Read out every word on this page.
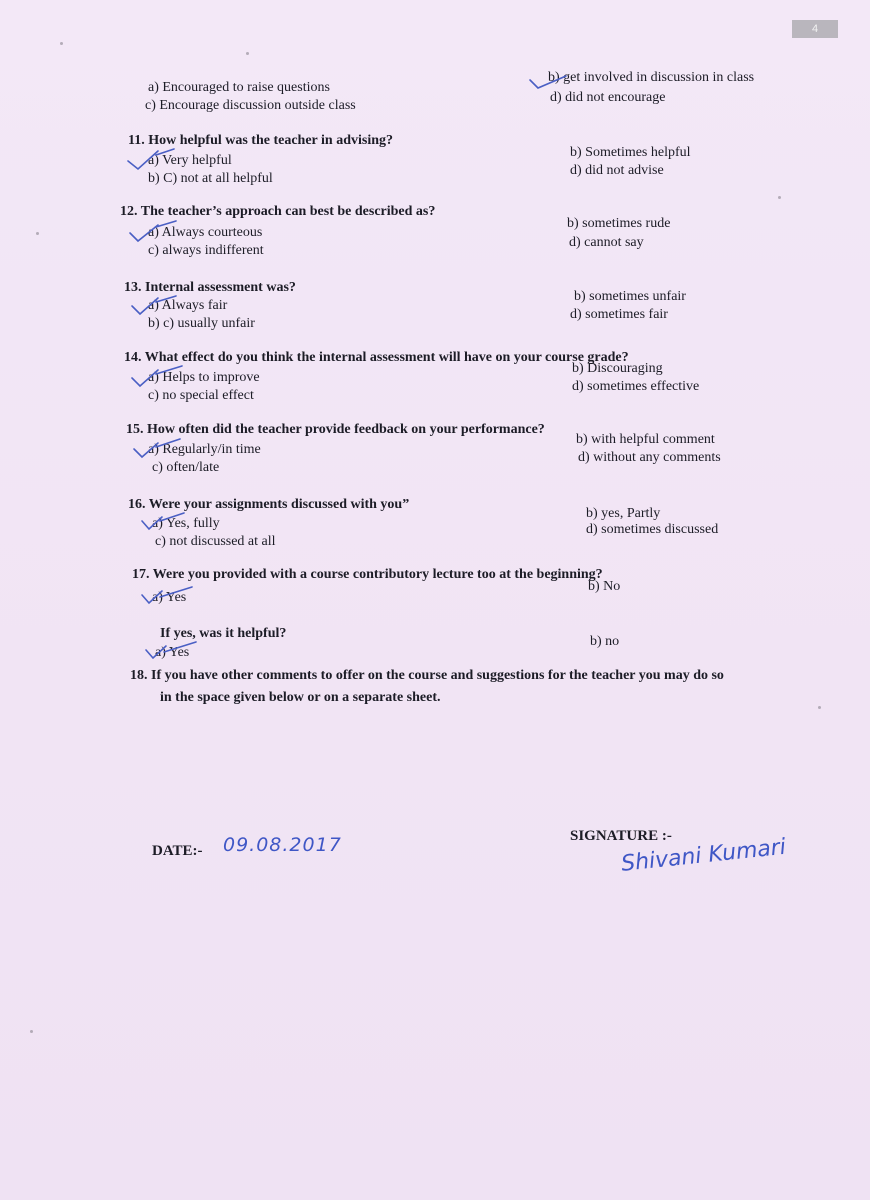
4
a) Encouraged to raise questions
b) get involved in discussion in class
c) Encourage discussion outside class
d) did not encourage
11. How helpful was the teacher in advising?
a) Very helpful
b) Sometimes helpful
b) C) not at all helpful
d) did not advise
12. The teacher’s approach can best be described as?
a) Always courteous
b) sometimes rude
c) always indifferent
d) cannot say
13. Internal assessment was?
a) Always fair
b) sometimes unfair
b) c) usually unfair
d) sometimes fair
14. What effect do you think the internal assessment will have on your course grade?
a) Helps to improve
b) Discouraging
c) no special effect
d) sometimes effective
15. How often did the teacher provide feedback on your performance?
a) Regularly/in time
b) with helpful comment
c) often/late
d) without any comments
16. Were your assignments discussed with you”
a) Yes, fully
b) yes, Partly
c) not discussed at all
d) sometimes discussed
17. Were you provided with a course contributory lecture too at the beginning?
a) Yes
b) No
If yes, was it helpful?
a) Yes
b) no
18. If you have other comments to offer on the course and suggestions for the teacher you may do so
in the space given below or on a separate sheet.
DATE:- 09.08.2017	SIGNATURE :-
Shivani Kumari
